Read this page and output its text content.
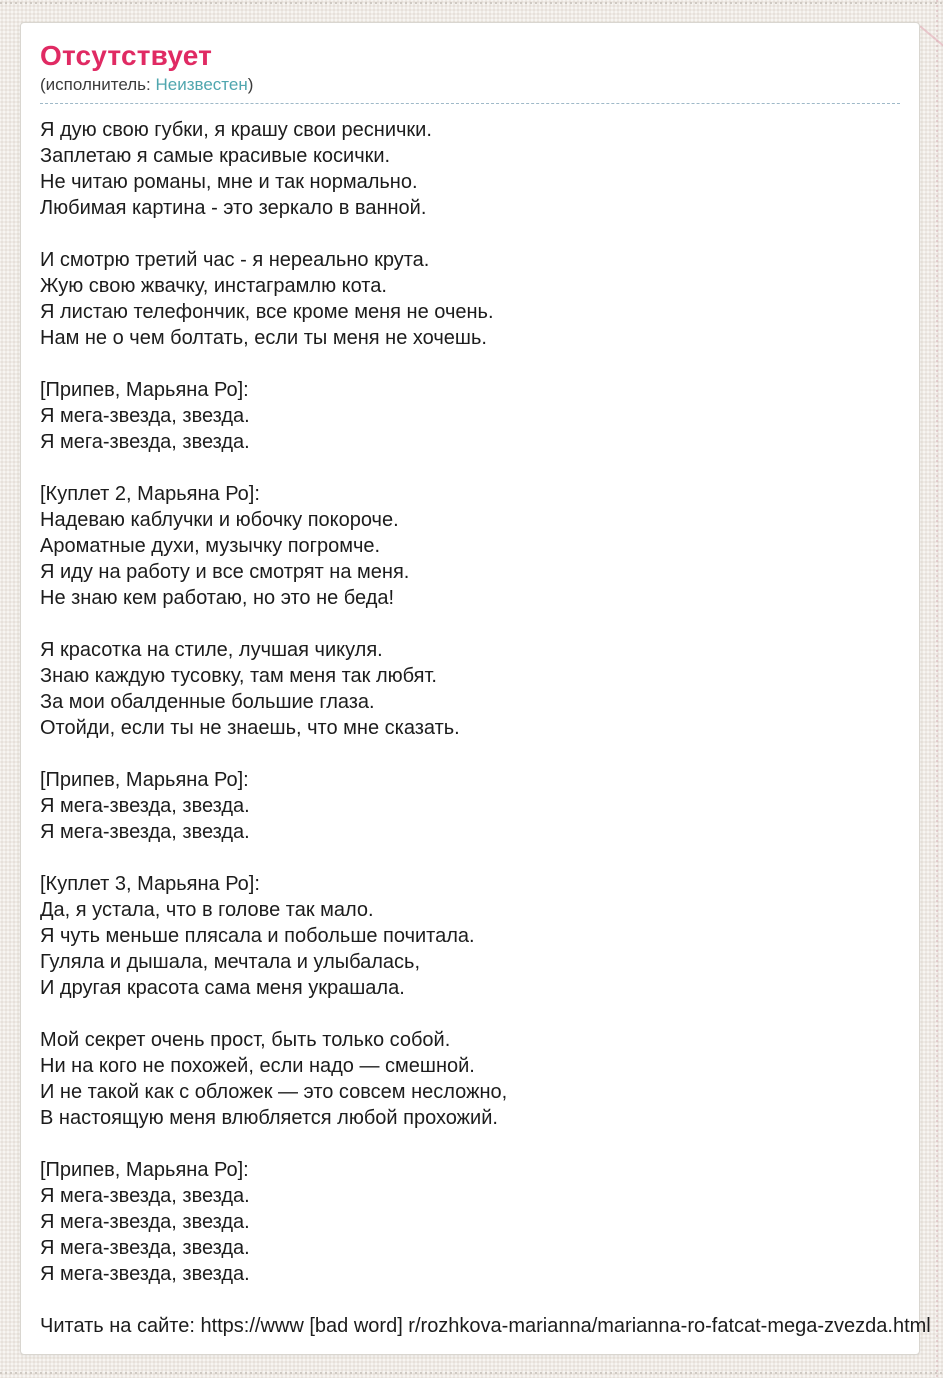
Отсутствует
(исполнитель: Неизвестен)
Я дую свою губки, я крашу свои реснички.
Заплетаю я самые красивые косички.
Не читаю романы, мне и так нормально.
Любимая картина - это зеркало в ванной.
И смотрю третий час - я нереально крута.
Жую свою жвачку, инстаграмлю кота.
Я листаю телефончик, все кроме меня не очень.
Нам не о чем болтать, если ты меня не хочешь.
[Припев, Марьяна Ро]:
Я мега-звезда, звезда.
Я мега-звезда, звезда.
[Куплет 2, Марьяна Ро]:
Надеваю каблучки и юбочку покороче.
Ароматные духи, музычку погромче.
Я иду на работу и все смотрят на меня.
Не знаю кем работаю, но это не беда!
Я красотка на стиле, лучшая чикуля.
Знаю каждую тусовку, там меня так любят.
За мои обалденные большие глаза.
Отойди, если ты не знаешь, что мне сказать.
[Припев, Марьяна Ро]:
Я мега-звезда, звезда.
Я мега-звезда, звезда.
[Куплет 3, Марьяна Ро]:
Да, я устала, что в голове так мало.
Я чуть меньше плясала и побольше почитала.
Гуляла и дышала, мечтала и улыбалась,
И другая красота сама меня украшала.
Мой секрет очень прост, быть только собой.
Ни на кого не похожей, если надо — смешной.
И не такой как с обложек — это совсем несложно,
В настоящую меня влюбляется любой прохожий.
[Припев, Марьяна Ро]:
Я мега-звезда, звезда.
Я мега-звезда, звезда.
Я мега-звезда, звезда.
Я мега-звезда, звезда.
Читать на сайте: https://www [bad word] r/rozhkova-marianna/marianna-ro-fatcat-mega-zvezda.html
